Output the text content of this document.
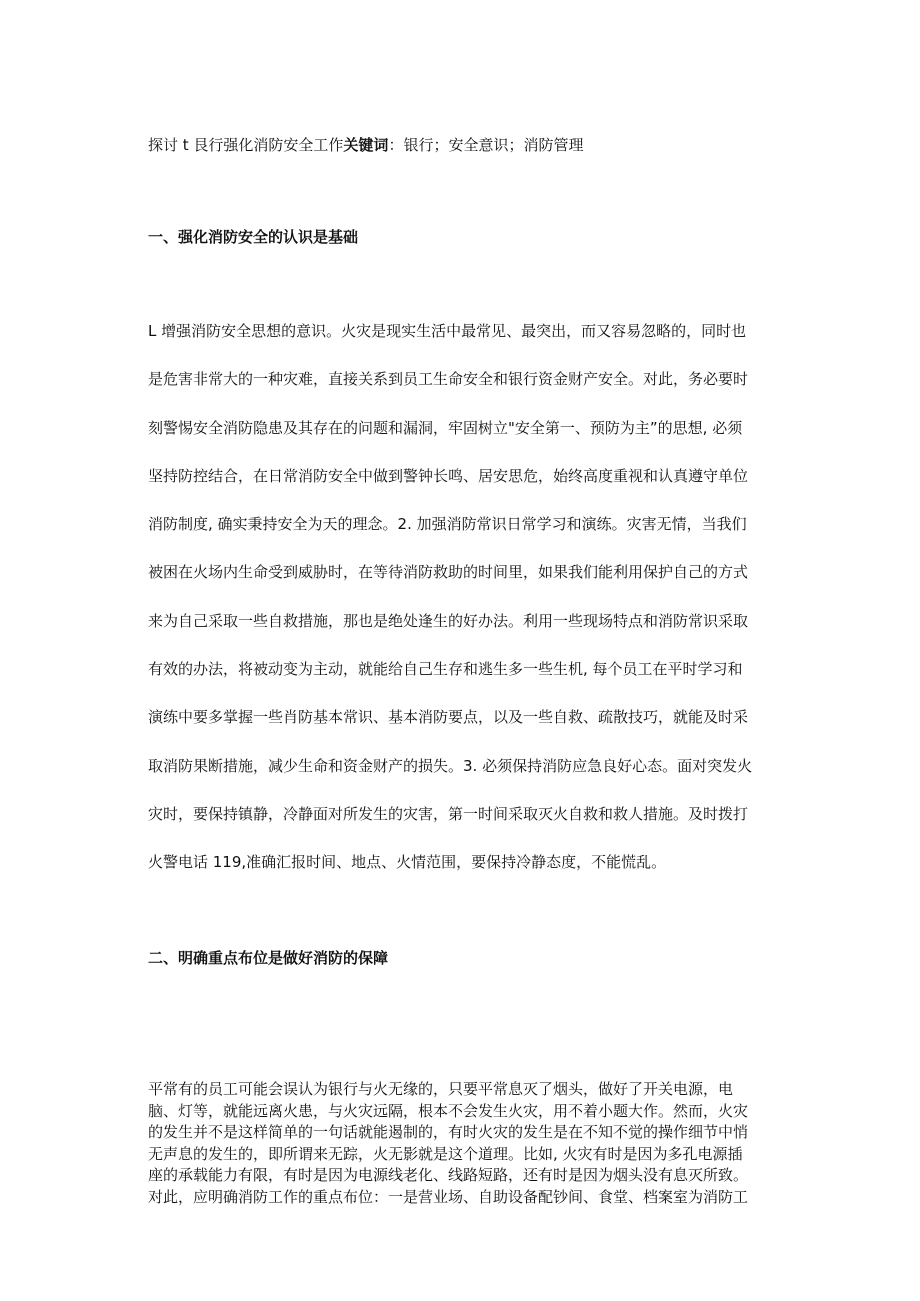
探讨 t 艮行强化消防安全工作关键词：银行；安全意识；消防管理
一、强化消防安全的认识是基础
L 增强消防安全思想的意识。火灾是现实生活中最常见、最突出，而又容易忽略的，同时也
是危害非常大的一种灾难，直接关系到员工生命安全和银行资金财产安全。对此，务必要时
刻警惕安全消防隐患及其存在的问题和漏洞，牢固树立"安全第一、预防为主”的思想, 必须
坚持防控结合，在日常消防安全中做到警钟长鸣、居安思危，始终高度重视和认真遵守单位
消防制度, 确实秉持安全为天的理念。2. 加强消防常识日常学习和演练。灾害无情，当我们
被困在火场内生命受到威胁时，在等待消防救助的时间里，如果我们能利用保护自己的方式
来为自己采取一些自救措施，那也是绝处逢生的好办法。利用一些现场特点和消防常识采取
有效的办法，将被动变为主动，就能给自己生存和逃生多一些生机, 每个员工在平时学习和
演练中要多掌握一些肖防基本常识、基本消防要点，以及一些自救、疏散技巧，就能及时采
取消防果断措施，减少生命和资金财产的损失。3. 必须保持消防应急良好心态。面对突发火
灾时，要保持镇静，冷静面对所发生的灾害，第一时间采取灭火自救和救人措施。及时拨打
火警电话 119,准确汇报时间、地点、火情范围，要保持冷静态度，不能慌乱。
二、明确重点布位是做好消防的保障
平常有的员工可能会误认为银行与火无缘的，只要平常息灭了烟头，做好了开关电源，电
脑、灯等，就能远离火患，与火灾远隔，根本不会发生火灾，用不着小题大作。然而，火灾
的发生并不是这样简单的一句话就能遏制的，有时火灾的发生是在不知不觉的操作细节中悄
无声息的发生的，即所谓来无踪，火无影就是这个道理。比如, 火灾有时是因为多孔电源插
座的承载能力有限，有时是因为电源线老化、线路短路，还有时是因为烟头没有息灭所致。
对此，应明确消防工作的重点布位：一是营业场、自助设备配钞间、食堂、档案室为消防工
